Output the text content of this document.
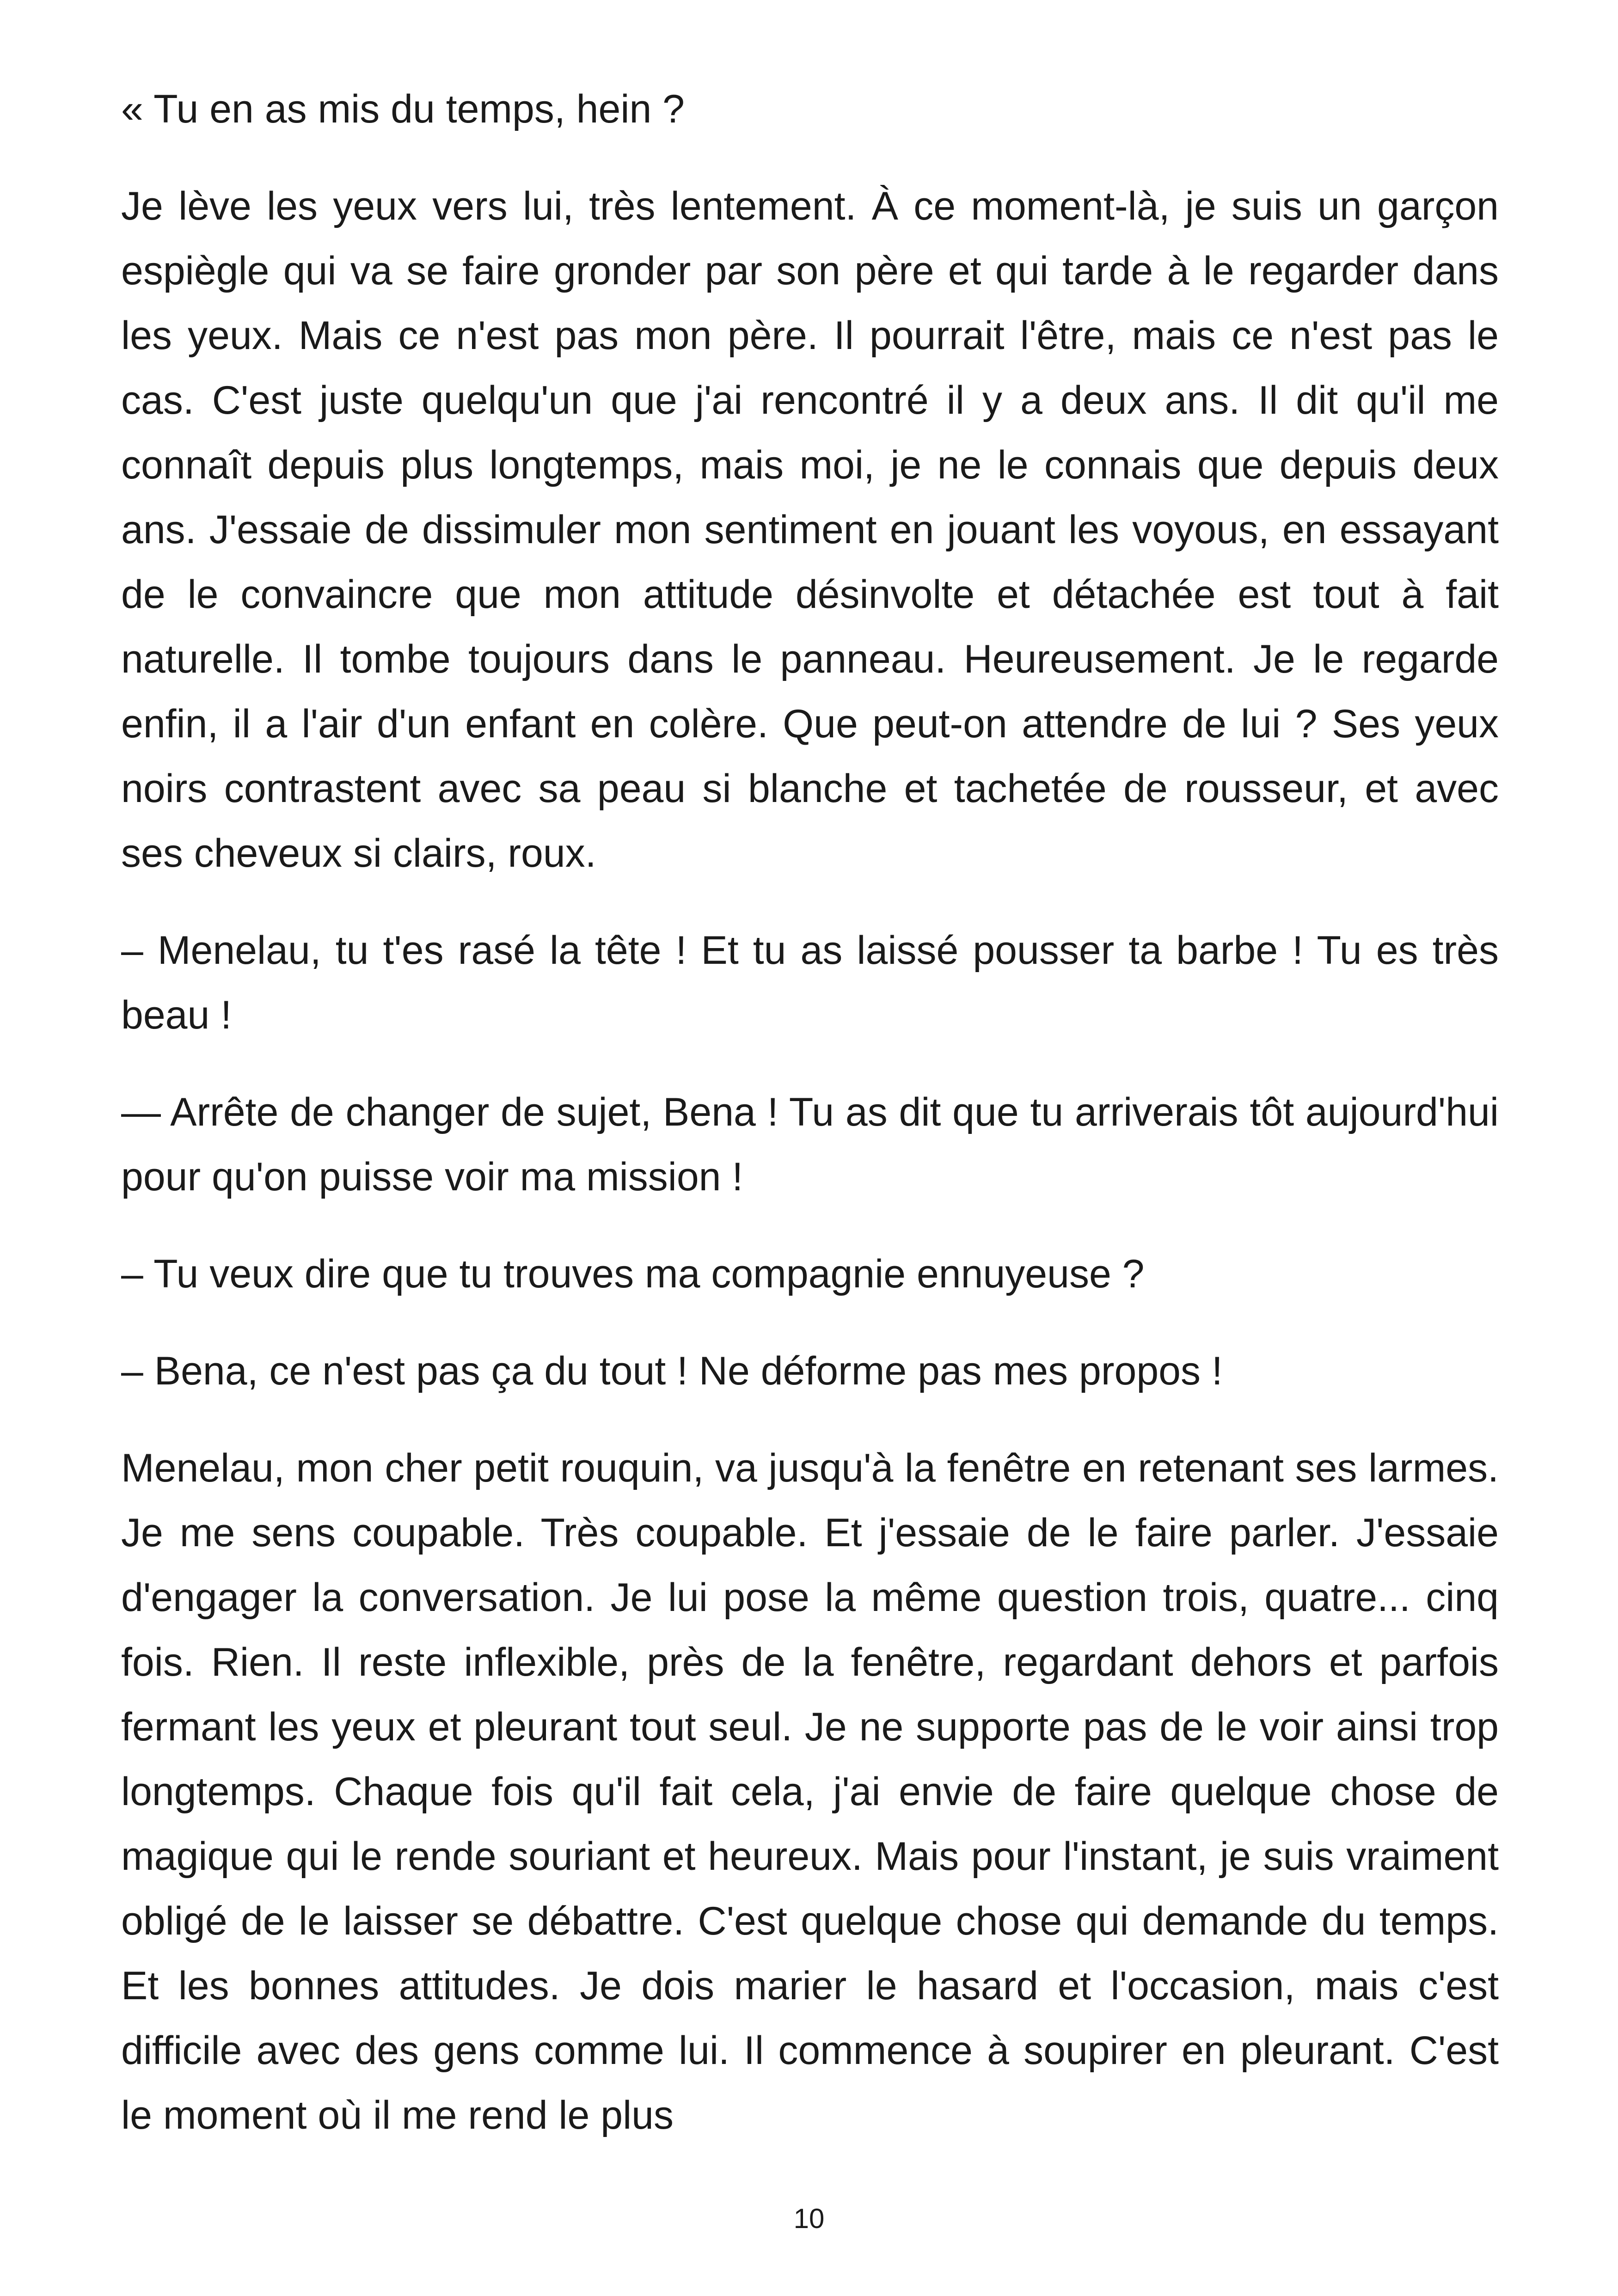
« Tu en as mis du temps, hein ?

Je lève les yeux vers lui, très lentement. À ce moment-là, je suis un garçon espiègle qui va se faire gronder par son père et qui tarde à le regarder dans les yeux. Mais ce n'est pas mon père. Il pourrait l'être, mais ce n'est pas le cas. C'est juste quelqu'un que j'ai rencontré il y a deux ans. Il dit qu'il me connaît depuis plus longtemps, mais moi, je ne le connais que depuis deux ans. J'essaie de dissimuler mon sentiment en jouant les voyous, en essayant de le convaincre que mon attitude désinvolte et détachée est tout à fait naturelle. Il tombe toujours dans le panneau. Heureusement. Je le regarde enfin, il a l'air d'un enfant en colère. Que peut-on attendre de lui ? Ses yeux noirs contrastent avec sa peau si blanche et tachetée de rousseur, et avec ses cheveux si clairs, roux.

– Menelau, tu t'es rasé la tête ! Et tu as laissé pousser ta barbe ! Tu es très beau !

— Arrête de changer de sujet, Bena ! Tu as dit que tu arriverais tôt aujourd'hui pour qu'on puisse voir ma mission !

– Tu veux dire que tu trouves ma compagnie ennuyeuse ?

– Bena, ce n'est pas ça du tout ! Ne déforme pas mes propos !

Menelau, mon cher petit rouquin, va jusqu'à la fenêtre en retenant ses larmes. Je me sens coupable. Très coupable. Et j'essaie de le faire parler. J'essaie d'engager la conversation. Je lui pose la même question trois, quatre... cinq fois. Rien. Il reste inflexible, près de la fenêtre, regardant dehors et parfois fermant les yeux et pleurant tout seul. Je ne supporte pas de le voir ainsi trop longtemps. Chaque fois qu'il fait cela, j'ai envie de faire quelque chose de magique qui le rende souriant et heureux. Mais pour l'instant, je suis vraiment obligé de le laisser se débattre. C'est quelque chose qui demande du temps. Et les bonnes attitudes. Je dois marier le hasard et l'occasion, mais c'est difficile avec des gens comme lui. Il commence à soupirer en pleurant. C'est le moment où il me rend le plus

10
